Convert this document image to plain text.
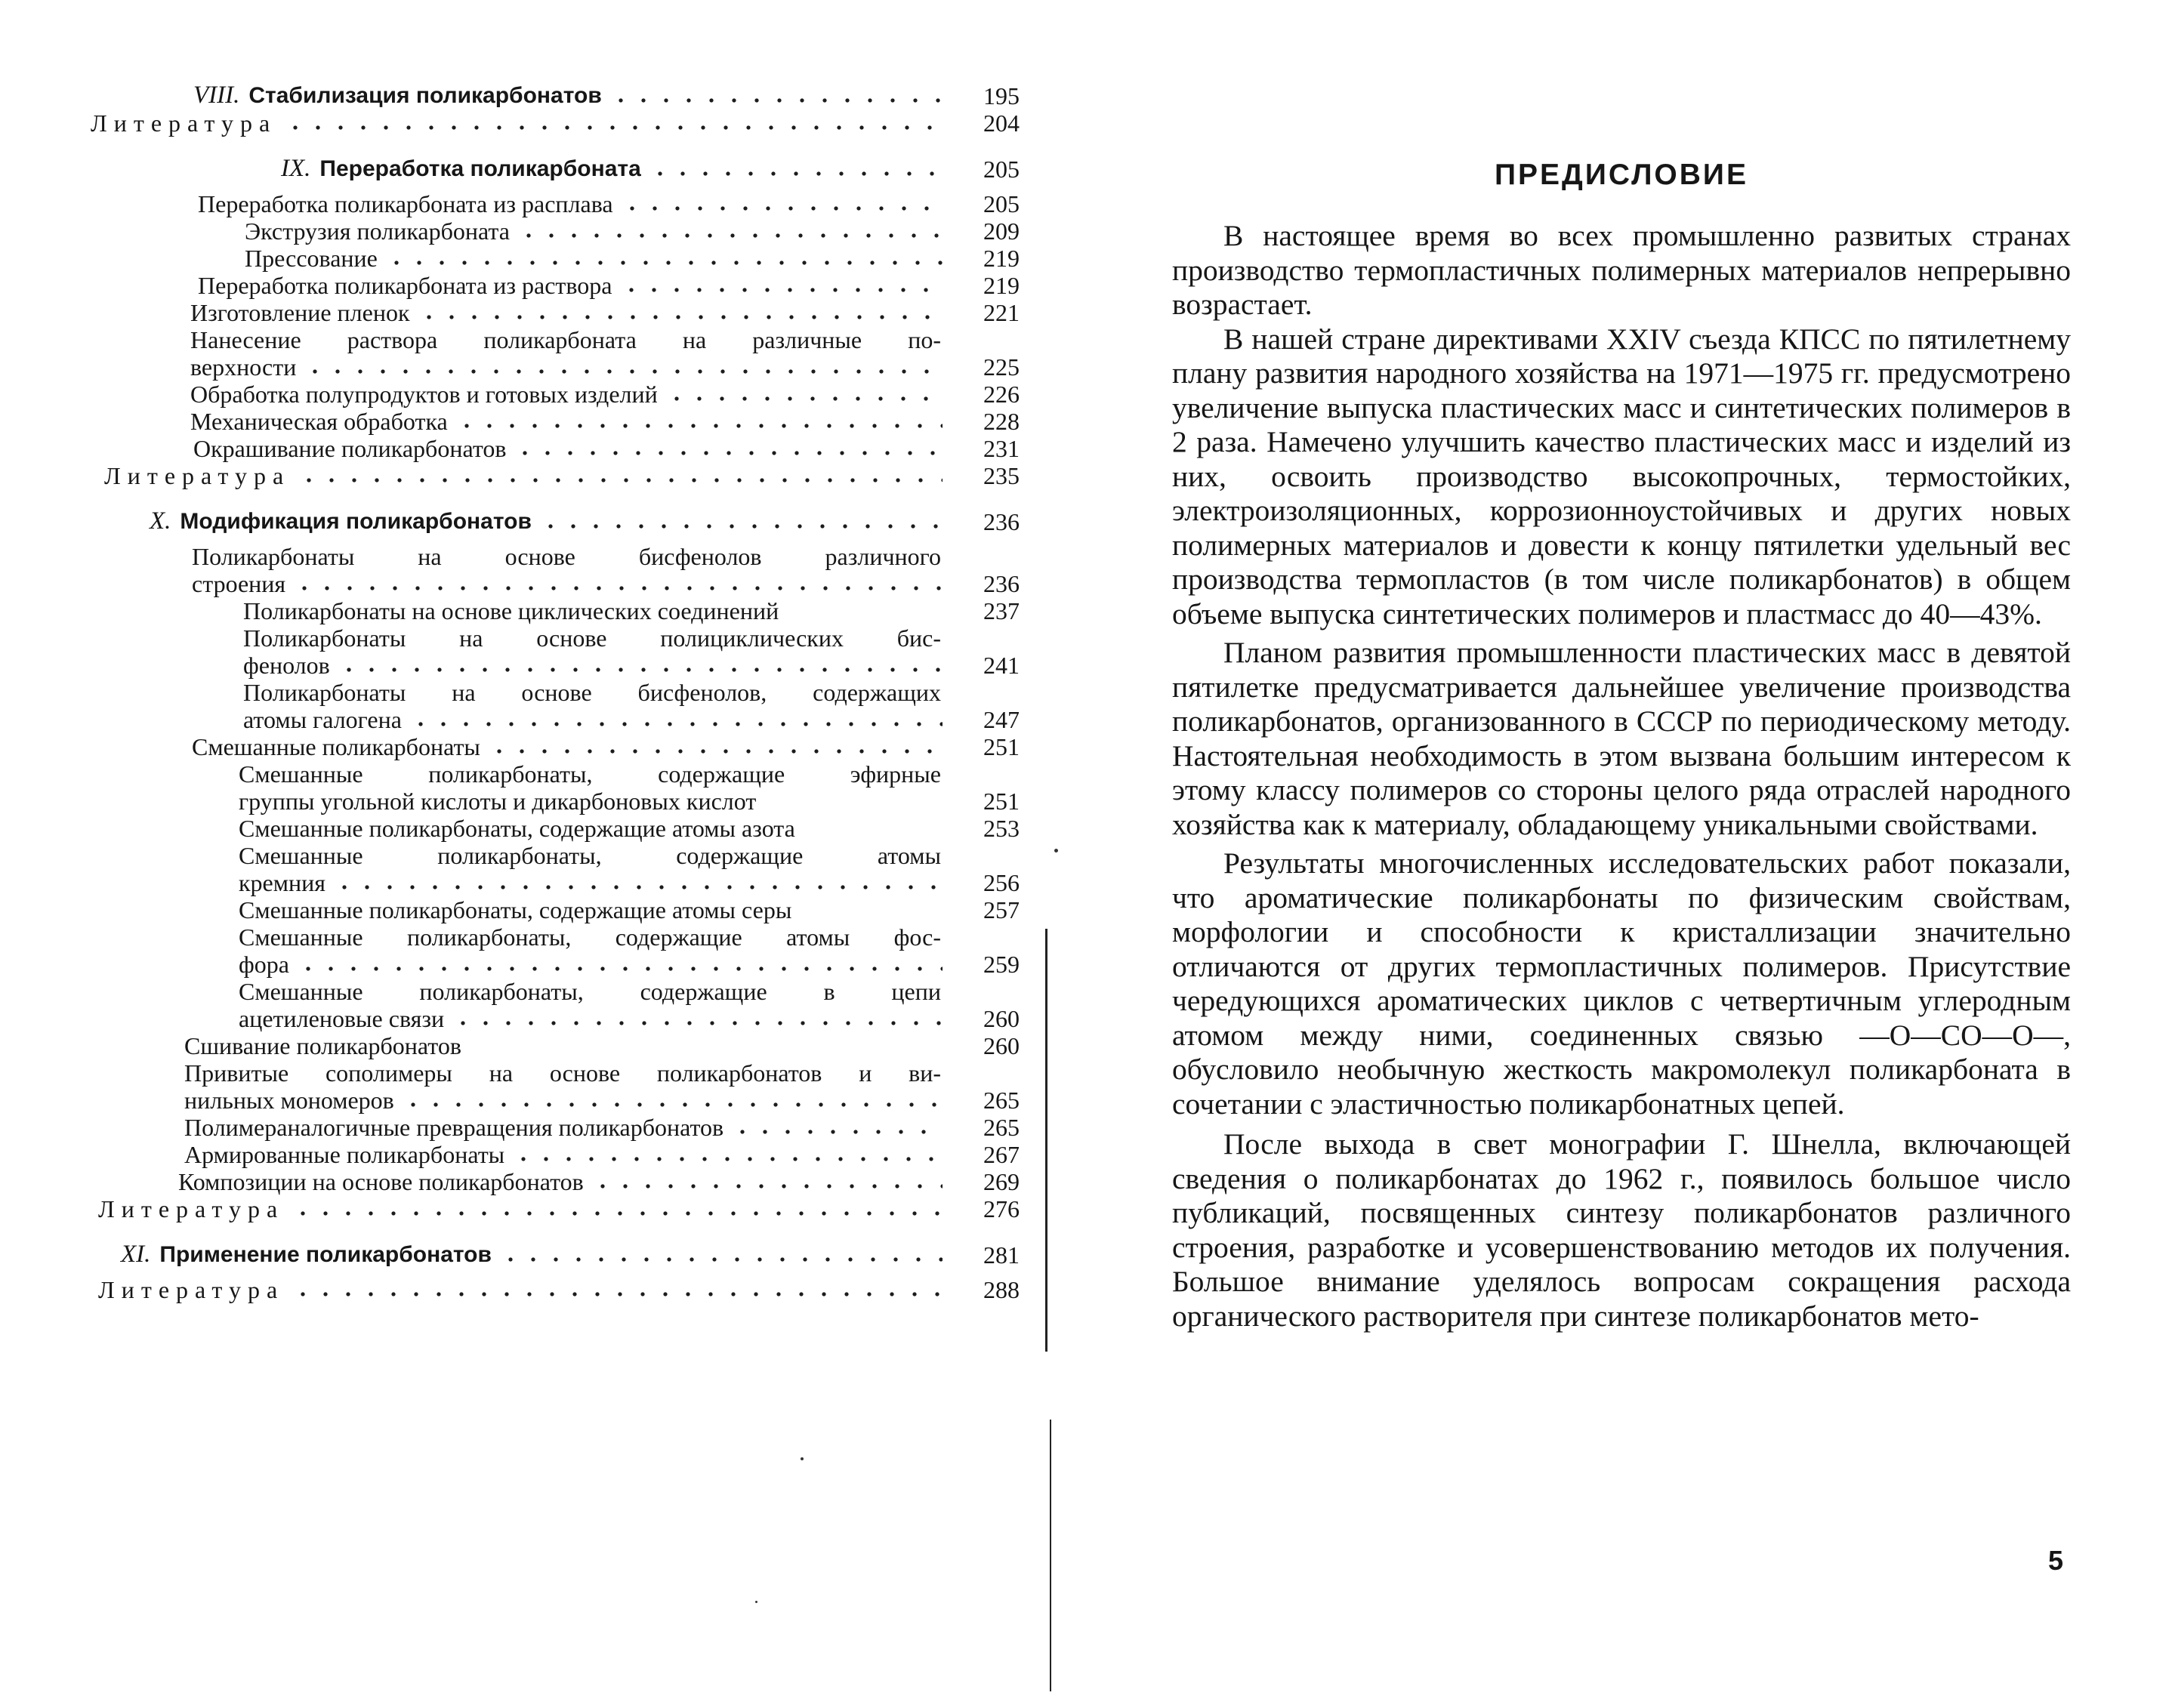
VIII. Стабилизация поликарбонатов	195
Литература	204
IX. Переработка поликарбоната	205
Переработка поликарбоната из расплава	205
Экструзия поликарбоната	209
Прессование	219
Переработка поликарбоната из раствора	219
Изготовление пленок	221
Нанесение раствора поликарбоната на различные по-
верхности	225
Обработка полупродуктов и готовых изделий	226
Механическая обработка	228
Окрашивание поликарбонатов	231
Литература	235
X. Модификация поликарбонатов	236
Поликарбонаты на основе бисфенолов различного
строения	236
Поликарбонаты на основе циклических соединений	237
Поликарбонаты на основе полициклических бис-
фенолов	241
Поликарбонаты на основе бисфенолов, содержащих
атомы галогена	247
Смешанные поликарбонаты	251
Смешанные поликарбонаты, содержащие эфирные
группы угольной кислоты и дикарбоновых кислот	251
Смешанные поликарбонаты, содержащие атомы азота	253
Смешанные поликарбонаты, содержащие атомы
кремния	256
Смешанные поликарбонаты, содержащие атомы серы	257
Смешанные поликарбонаты, содержащие атомы фос-
фора	259
Смешанные поликарбонаты, содержащие в цепи
ацетиленовые связи	260
Сшивание поликарбонатов	260
Привитые сополимеры на основе поликарбонатов и ви-
нильных мономеров	265
Полимераналогичные превращения поликарбонатов	265
Армированные поликарбонаты	267
Композиции на основе поликарбонатов	269
Литература	276
XI. Применение поликарбонатов	281
Литература	288
ПРЕДИСЛОВИЕ

В настоящее время во всех промышленно развитых странах производство термопластичных полимерных материалов непрерывно возрастает.

В нашей стране директивами XXIV съезда КПСС по пятилетнему плану развития народного хозяйства на 1971—1975 гг. предусмотрено увеличение выпуска пластических масс и синтетических полимеров в 2 раза. Намечено улучшить качество пластических масс и изделий из них, освоить производство высокопрочных, термостойких, электроизоляционных, коррозионноустойчивых и других новых полимерных материалов и довести к концу пятилетки удельный вес производства термопластов (в том числе поликарбонатов) в общем объеме выпуска синтетических полимеров и пластмасс до 40—43%.

Планом развития промышленности пластических масс в девятой пятилетке предусматривается дальнейшее увеличение производства поликарбонатов, организованного в СССР по периодическому методу. Настоятельная необходимость в этом вызвана большим интересом к этому классу полимеров со стороны целого ряда отраслей народного хозяйства как к материалу, обладающему уникальными свойствами.

Результаты многочисленных исследовательских работ показали, что ароматические поликарбонаты по физическим свойствам, морфологии и способности к кристаллизации значительно отличаются от других термопластичных полимеров. Присутствие чередующихся ароматических циклов с четвертичным углеродным атомом между ними, соединенных связью —О—СО—О—, обусловило необычную жесткость макромолекул поликарбоната в сочетании с эластичностью поликарбонатных цепей.

После выхода в свет монографии Г. Шнелла, включающей сведения о поликарбонатах до 1962 г., появилось большое число публикаций, посвященных синтезу поликарбонатов различного строения, разработке и усовершенствованию методов их получения. Большое внимание уделялось вопросам сокращения расхода органического растворителя при синтезе поликарбонатов мето-

5
